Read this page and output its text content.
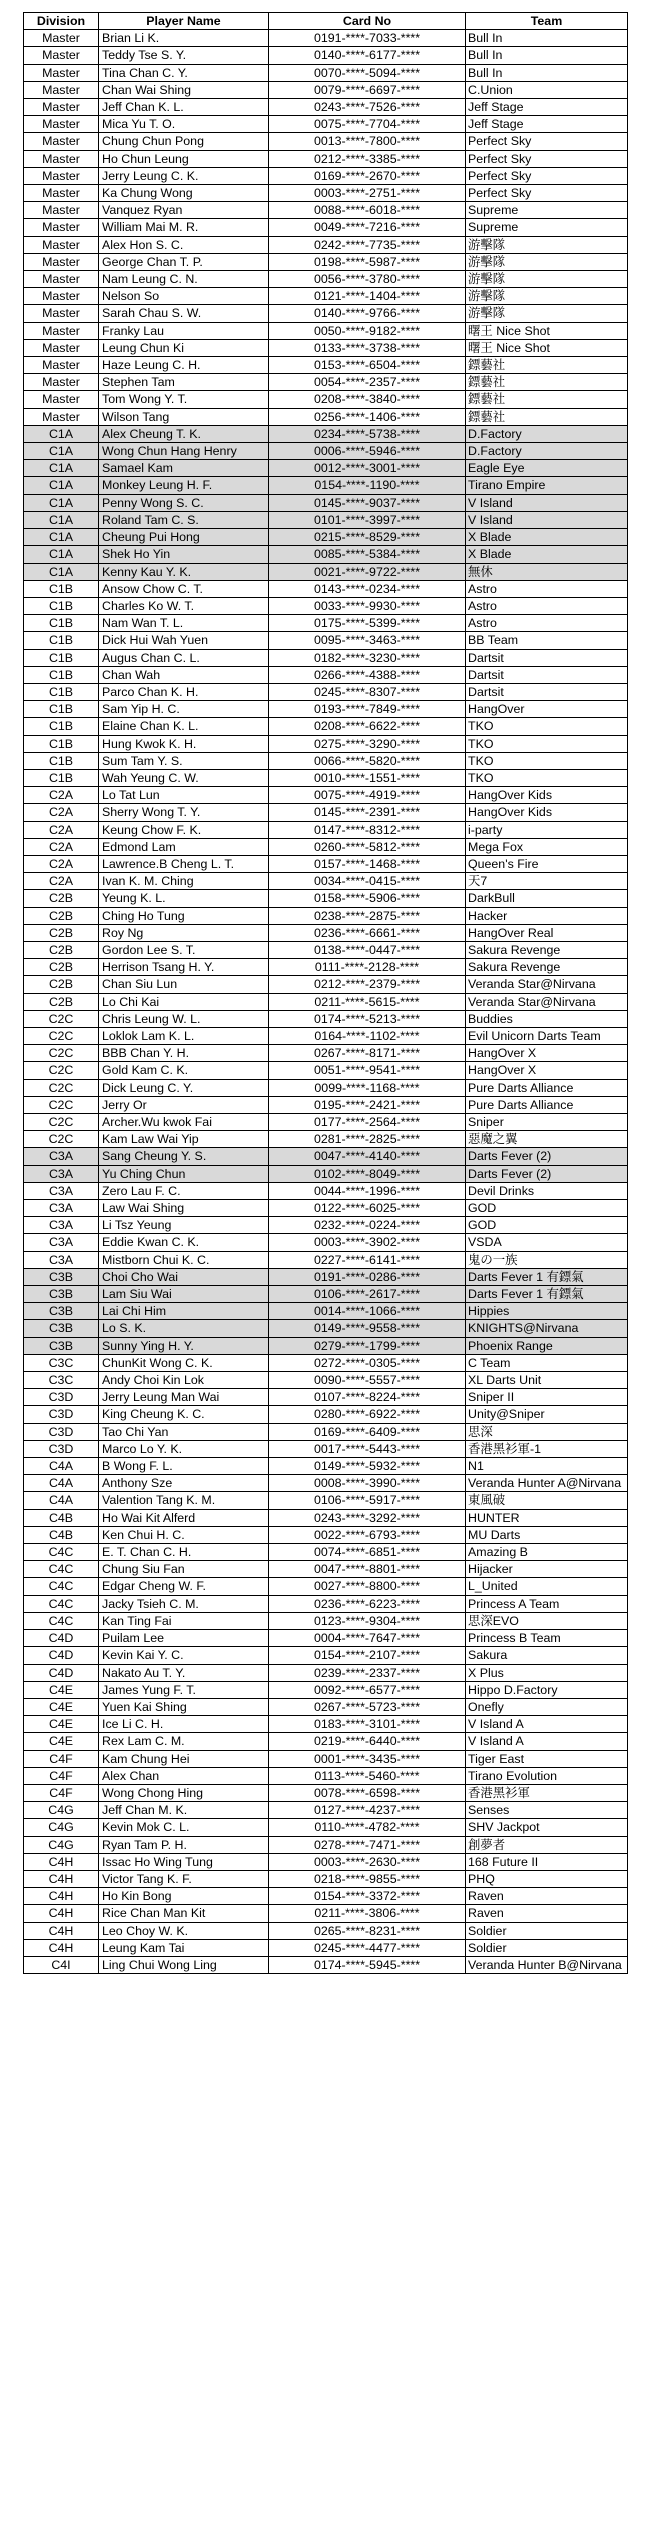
Division	Player Name	Card No	Team
Master	Brian Li K.	0191-****-7033-****	Bull In
Master	Teddy Tse S. Y.	0140-****-6177-****	Bull In
Master	Tina Chan C. Y.	0070-****-5094-****	Bull In
Master	Chan Wai Shing	0079-****-6697-****	C.Union
Master	Jeff Chan K. L.	0243-****-7526-****	Jeff Stage
Master	Mica Yu T. O.	0075-****-7704-****	Jeff Stage
Master	Chung Chun Pong	0013-****-7800-****	Perfect Sky
Master	Ho Chun Leung	0212-****-3385-****	Perfect Sky
Master	Jerry Leung C. K.	0169-****-2670-****	Perfect Sky
Master	Ka Chung Wong	0003-****-2751-****	Perfect Sky
Master	Vanquez Ryan	0088-****-6018-****	Supreme
Master	William Mai M. R.	0049-****-7216-****	Supreme
Master	Alex Hon S. C.	0242-****-7735-****	游擊隊
Master	George Chan T. P.	0198-****-5987-****	游擊隊
Master	Nam Leung C. N.	0056-****-3780-****	游擊隊
Master	Nelson So	0121-****-1404-****	游擊隊
Master	Sarah Chau S. W.	0140-****-9766-****	游擊隊
Master	Franky Lau	0050-****-9182-****	曙王 Nice Shot
Master	Leung Chun Ki	0133-****-3738-****	曙王 Nice Shot
Master	Haze Leung C. H.	0153-****-6504-****	鏢藝社
Master	Stephen Tam	0054-****-2357-****	鏢藝社
Master	Tom Wong Y. T.	0208-****-3840-****	鏢藝社
Master	Wilson Tang	0256-****-1406-****	鏢藝社
C1A	Alex Cheung T. K.	0234-****-5738-****	D.Factory
C1A	Wong Chun Hang Henry	0006-****-5946-****	D.Factory
C1A	Samael Kam	0012-****-3001-****	Eagle Eye
C1A	Monkey Leung H. F.	0154-****-1190-****	Tirano Empire
C1A	Penny Wong S. C.	0145-****-9037-****	V Island
C1A	Roland Tam C. S.	0101-****-3997-****	V Island
C1A	Cheung Pui Hong	0215-****-8529-****	X Blade
C1A	Shek Ho Yin	0085-****-5384-****	X Blade
C1A	Kenny Kau Y. K.	0021-****-9722-****	無休
C1B	Ansow Chow C. T.	0143-****-0234-****	Astro
C1B	Charles Ko W. T.	0033-****-9930-****	Astro
C1B	Nam Wan T. L.	0175-****-5399-****	Astro
C1B	Dick Hui Wah Yuen	0095-****-3463-****	BB Team
C1B	Augus Chan C. L.	0182-****-3230-****	Dartsit
C1B	Chan Wah	0266-****-4388-****	Dartsit
C1B	Parco Chan K. H.	0245-****-8307-****	Dartsit
C1B	Sam Yip H. C.	0193-****-7849-****	HangOver
C1B	Elaine Chan K. L.	0208-****-6622-****	TKO
C1B	Hung Kwok K. H.	0275-****-3290-****	TKO
C1B	Sum Tam Y. S.	0066-****-5820-****	TKO
C1B	Wah Yeung C. W.	0010-****-1551-****	TKO
C2A	Lo Tat Lun	0075-****-4919-****	HangOver Kids
C2A	Sherry Wong T. Y.	0145-****-2391-****	HangOver Kids
C2A	Keung Chow F. K.	0147-****-8312-****	i-party
C2A	Edmond Lam	0260-****-5812-****	Mega Fox
C2A	Lawrence.B Cheng L. T.	0157-****-1468-****	Queen's Fire
C2A	Ivan K. M. Ching	0034-****-0415-****	天7
C2B	Yeung K. L.	0158-****-5906-****	DarkBull
C2B	Ching Ho Tung	0238-****-2875-****	Hacker
C2B	Roy Ng	0236-****-6661-****	HangOver Real
C2B	Gordon Lee S. T.	0138-****-0447-****	Sakura Revenge
C2B	Herrison Tsang H. Y.	0111-****-2128-****	Sakura Revenge
C2B	Chan Siu Lun	0212-****-2379-****	Veranda Star@Nirvana
C2B	Lo Chi Kai	0211-****-5615-****	Veranda Star@Nirvana
C2C	Chris Leung W. L.	0174-****-5213-****	Buddies
C2C	Loklok Lam K. L.	0164-****-1102-****	Evil Unicorn Darts Team
C2C	BBB Chan Y. H.	0267-****-8171-****	HangOver X
C2C	Gold Kam C. K.	0051-****-9541-****	HangOver X
C2C	Dick Leung C. Y.	0099-****-1168-****	Pure Darts Alliance
C2C	Jerry Or	0195-****-2421-****	Pure Darts Alliance
C2C	Archer.Wu kwok Fai	0177-****-2564-****	Sniper
C2C	Kam Law Wai Yip	0281-****-2825-****	惡魔之翼
C3A	Sang Cheung Y. S.	0047-****-4140-****	Darts Fever (2)
C3A	Yu Ching Chun	0102-****-8049-****	Darts Fever (2)
C3A	Zero Lau F. C.	0044-****-1996-****	Devil Drinks
C3A	Law Wai Shing	0122-****-6025-****	GOD
C3A	Li Tsz Yeung	0232-****-0224-****	GOD
C3A	Eddie Kwan C. K.	0003-****-3902-****	VSDA
C3A	Mistborn Chui K. C.	0227-****-6141-****	鬼の一族
C3B	Choi Cho Wai	0191-****-0286-****	Darts Fever 1 有鏢氣
C3B	Lam Siu Wai	0106-****-2617-****	Darts Fever 1 有鏢氣
C3B	Lai Chi Him	0014-****-1066-****	Hippies
C3B	Lo S. K.	0149-****-9558-****	KNIGHTS@Nirvana
C3B	Sunny Ying H. Y.	0279-****-1799-****	Phoenix Range
C3C	ChunKit Wong C. K.	0272-****-0305-****	C Team
C3C	Andy Choi Kin Lok	0090-****-5557-****	XL Darts Unit
C3D	Jerry Leung Man Wai	0107-****-8224-****	Sniper II
C3D	King Cheung K. C.	0280-****-6922-****	Unity@Sniper
C3D	Tao Chi Yan	0169-****-6409-****	思深
C3D	Marco Lo Y. K.	0017-****-5443-****	香港黑衫軍-1
C4A	B Wong F. L.	0149-****-5932-****	N1
C4A	Anthony Sze	0008-****-3990-****	Veranda Hunter A@Nirvana
C4A	Valention Tang K. M.	0106-****-5917-****	東風破
C4B	Ho Wai Kit Alferd	0243-****-3292-****	HUNTER
C4B	Ken Chui H. C.	0022-****-6793-****	MU Darts
C4C	E. T. Chan C. H.	0074-****-6851-****	Amazing B
C4C	Chung Siu Fan	0047-****-8801-****	Hijacker
C4C	Edgar Cheng W. F.	0027-****-8800-****	L_United
C4C	Jacky Tsieh C. M.	0236-****-6223-****	Princess A Team
C4C	Kan Ting Fai	0123-****-9304-****	思深EVO
C4D	Puilam Lee	0004-****-7647-****	Princess B Team
C4D	Kevin Kai Y. C.	0154-****-2107-****	Sakura
C4D	Nakato Au T. Y.	0239-****-2337-****	X Plus
C4E	James Yung F. T.	0092-****-6577-****	Hippo D.Factory
C4E	Yuen Kai Shing	0267-****-5723-****	Onefly
C4E	Ice Li C. H.	0183-****-3101-****	V Island A
C4E	Rex Lam C. M.	0219-****-6440-****	V Island A
C4F	Kam Chung Hei	0001-****-3435-****	Tiger East
C4F	Alex Chan	0113-****-5460-****	Tirano Evolution
C4F	Wong Chong Hing	0078-****-6598-****	香港黑衫軍
C4G	Jeff Chan M. K.	0127-****-4237-****	Senses
C4G	Kevin Mok C. L.	0110-****-4782-****	SHV Jackpot
C4G	Ryan Tam P. H.	0278-****-7471-****	創夢者
C4H	Issac Ho Wing Tung	0003-****-2630-****	168 Future II
C4H	Victor Tang K. F.	0218-****-9855-****	PHQ
C4H	Ho Kin Bong	0154-****-3372-****	Raven
C4H	Rice Chan Man Kit	0211-****-3806-****	Raven
C4H	Leo Choy W. K.	0265-****-8231-****	Soldier
C4H	Leung Kam Tai	0245-****-4477-****	Soldier
C4I	Ling Chui Wong Ling	0174-****-5945-****	Veranda Hunter B@Nirvana
